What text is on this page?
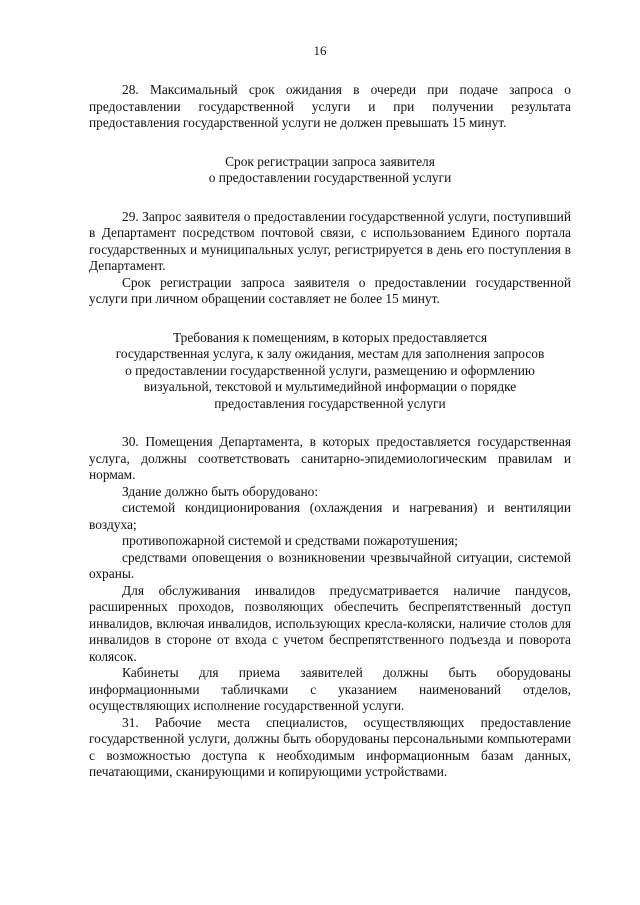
16

28. Максимальный срок ожидания в очереди при подаче запроса о предоставлении государственной услуги и при получении результата предоставления государственной услуги не должен превышать 15 минут.

Срок регистрации запроса заявителя

о предоставлении государственной услуги

29. Запрос заявителя о предоставлении государственной услуги, поступивший в Департамент посредством почтовой связи, с использованием Единого портала государственных и муниципальных услуг, регистрируется в день его поступления в Департамент.

Срок регистрации запроса заявителя о предоставлении государственной услуги при личном обращении составляет не более 15 минут.

Требования к помещениям, в которых предоставляется

государственная услуга, к залу ожидания, местам для заполнения запросов

о предоставлении государственной услуги, размещению и оформлению

визуальной, текстовой и мультимедийной информации о порядке

предоставления государственной услуги

30. Помещения Департамента, в которых предоставляется государственная услуга, должны соответствовать санитарно-эпидемиологическим правилам и нормам.

Здание должно быть оборудовано:

системой кондиционирования (охлаждения и нагревания) и вентиляции воздуха;

противопожарной системой и средствами пожаротушения;

средствами оповещения о возникновении чрезвычайной ситуации, системой охраны.

Для обслуживания инвалидов предусматривается наличие пандусов, расширенных проходов, позволяющих обеспечить беспрепятственный доступ инвалидов, включая инвалидов, использующих кресла-коляски, наличие столов для инвалидов в стороне от входа с учетом беспрепятственного подъезда и поворота колясок.

Кабинеты для приема заявителей должны быть оборудованы информационными табличками с указанием наименований отделов, осуществляющих исполнение государственной услуги.

31. Рабочие места специалистов, осуществляющих предоставление государственной услуги, должны быть оборудованы персональными компьютерами с возможностью доступа к необходимым информационным базам данных, печатающими, сканирующими и копирующими устройствами.
